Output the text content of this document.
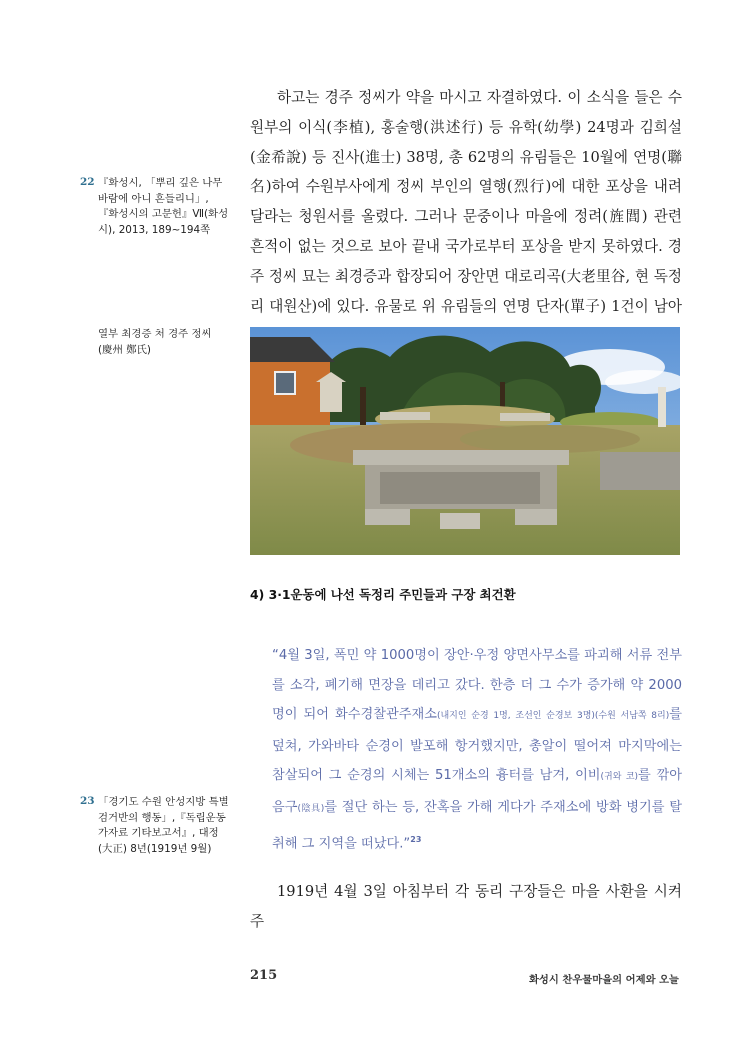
하고는 경주 정씨가 약을 마시고 자결하였다. 이 소식을 들은 수원부의 이식(李植), 홍술행(洪述行) 등 유학(幼學) 24명과 김희설(金希說) 등 진사(進士) 38명, 총 62명의 유림들은 10월에 연명(聯名)하여 수원부사에게 정씨 부인의 열행(烈行)에 대한 포상을 내려 달라는 청원서를 올렸다. 그러나 문중이나 마을에 정려(旌閭) 관련 흔적이 없는 것으로 보아 끝내 국가로부터 포상을 받지 못하였다. 경주 정씨 묘는 최경증과 합장되어 장안면 대로리곡(大老里谷, 현 독정리 대원산)에 있다. 유물로 위 유림들의 연명 단자(單子) 1건이 남아

22 『화성시, 「뿌리 깊은 나무 바람에 아니 흔들리니」, 『화성시의 고문헌』Ⅶ(화성시), 2013, 189~194쪽
열부 최경증 처 경주 정씨
(慶州 鄭氏)
4) 3·1운동에 나선 독정리 주민들과 구장 최건환
“4월 3일, 폭민 약 1000명이 장안·우정 양면사무소를 파괴해 서류 전부를 소각, 폐기해 면장을 데리고 갔다. 한층 더 그 수가 증가해 약 2000명이 되어 화수경찰관주재소(내지인 순경 1명, 조선인 순경보 3명)(수원 서남쪽 8리)를 덮쳐, 가와바타 순경이 발포해 항거했지만, 총알이 떨어져 마지막에는 참살되어 그 순경의 시체는 51개소의 흉터를 남겨, 이비(귀와 코)를 깎아 음구(陰具)를 절단 하는 등, 잔혹을 가해 게다가 주재소에 방화 병기를 탈취해 그 지역을 떠났다.”$^{23}$
23 「경기도 수원 안성지방 특별검거반의 행동」,『독립운동가자료 기타보고서』, 대정(大正) 8년(1919년 9월)

1919년 4월 3일 아침부터 각 동리 구장들은 마을 사환을 시켜 주

215	화성시 찬우물마을의 어제와 오늘
